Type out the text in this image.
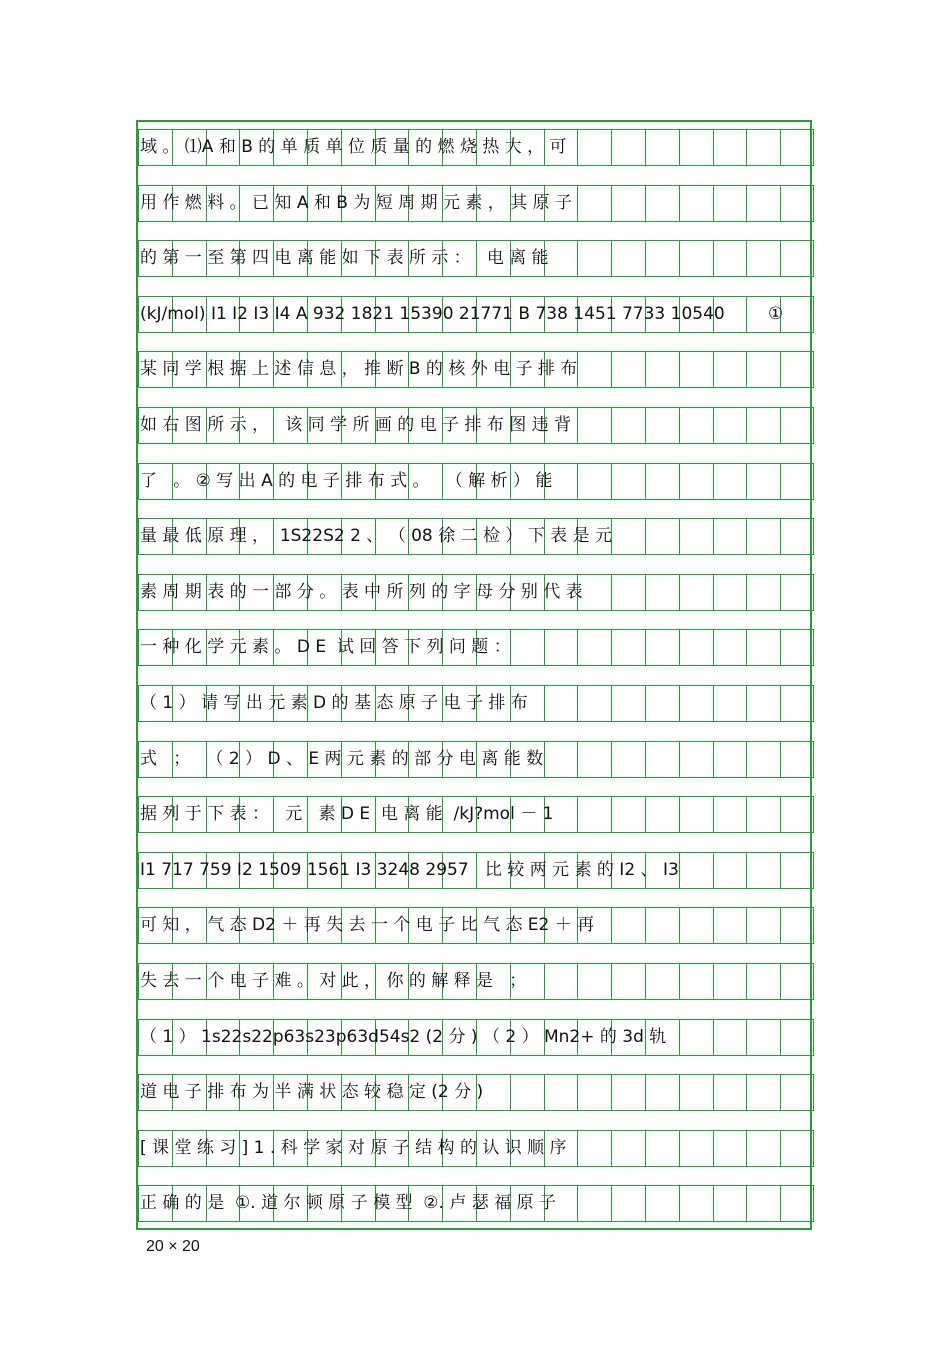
域 。 ⑴A 和 B 的 单 质 单 位 质 量 的 燃 烧 热 大 ， 可
用 作 燃 料 。 已 知 A 和 B 为 短 周 期 元 素 ， 其 原 子
的 第 一 至 第 四 电 离 能 如 下 表 所 示 ：   电 离 能
(kJ/mol) I1 I2 I3 I4 A 932 1821 15390 21771 B 738 1451 7733 10540        ①
某 同 学 根 据 上 述 信 息 ， 推 断 B 的 核 外 电 子 排 布
如 右 图 所 示 ，   该 同 学 所 画 的 电 子 排 布 图 违 背
了   。 ② 写 出 A 的 电 子 排 布 式 。   （ 解 析 ） 能
量 最 低 原 理 ，  1S22S2 2 、 （ 08 徐 二 检 ） 下 表 是 元
素 周 期 表 的 一 部 分 。 表 中 所 列 的 字 母 分 别 代 表
一 种 化 学 元 素 。 D E  试 回 答 下 列 问 题 ：
（ 1 ） 请 写 出 元 素 D 的 基 态 原 子 电 子 排 布
式   ；   （ 2 ） D 、 E 两 元 素 的 部 分 电 离 能 数
据 列 于 下 表 ：   元   素 D E  电 离 能  /kJ?mol － 1
I1 717 759 I2 1509 1561 I3 3248 2957   比 较 两 元 素 的 I2 、 I3
可 知 ， 气 态 D2 ＋ 再 失 去 一 个 电 子 比 气 态 E2 ＋ 再
失 去 一 个 电 子 难 。 对 此 ， 你 的 解 释 是   ；
（ 1 ） 1s22s22p63s23p63d54s2 (2 分 ) （ 2 ） Mn2+ 的 3d 轨
道 电 子 排 布 为 半 满 状 态 较 稳 定 (2 分 )
[ 课 堂 练 习 ] 1 . 科 学 家 对 原 子 结 构 的 认 识 顺 序
正 确 的 是  ①. 道 尔 顿 原 子 模 型  ②. 卢 瑟 福 原 子
20 × 20
